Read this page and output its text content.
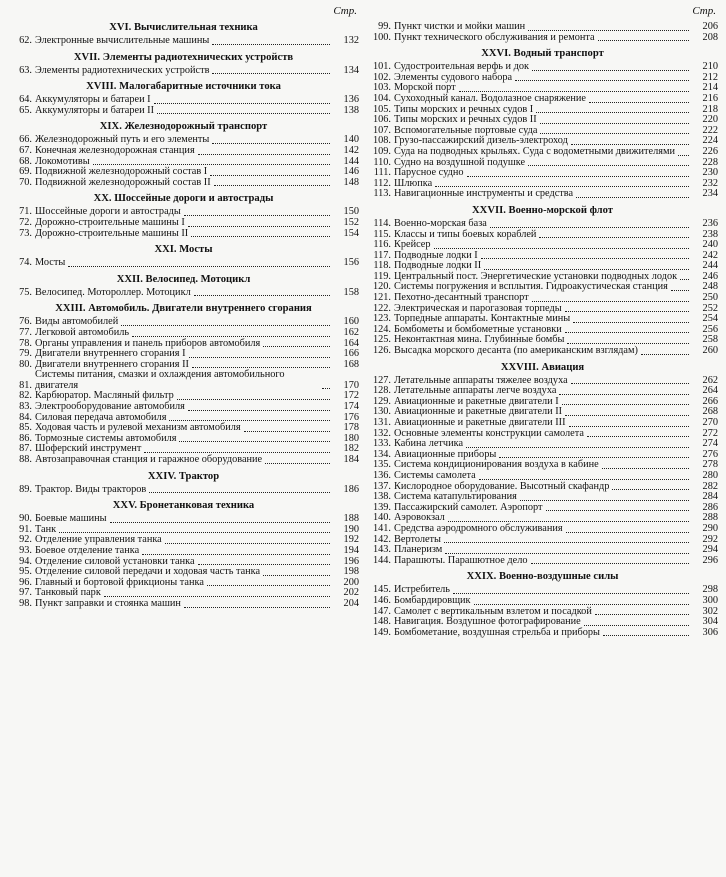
Стр.
XVI. Вычислительная техника
62. Электронные вычислительные машины	132
XVII. Элементы радиотехнических устройств
63. Элементы радиотехнических устройств	134
XVIII. Малогабаритные источники тока
64. Аккумуляторы и батареи I	136
65. Аккумуляторы и батареи II	138
XIX. Железнодорожный транспорт
66. Железнодорожный путь и его элементы	140
67. Конечная железнодорожная станция	142
68. Локомотивы	144
69. Подвижной железнодорожный состав I	146
70. Подвижной железнодорожный состав II	148
XX. Шоссейные дороги и автострады
71. Шоссейные дороги и автострады	150
72. Дорожно-строительные машины I	152
73. Дорожно-строительные машины II	154
XXI. Мосты
74. Мосты	156
XXII. Велосипед. Мотоцикл
75. Велосипед. Мотороллер. Мотоцикл	158
XXIII. Автомобиль. Двигатели внутреннего сгорания
76. Виды автомобилей	160
77. Легковой автомобиль	162
78. Органы управления и панель приборов автомобиля	164
79. Двигатели внутреннего сгорания I	166
80. Двигатели внутреннего сгорания II	168
81.
Системы питания, смазки и охлаждения автомобильного двигателя	170
82. Карбюратор. Масляный фильтр	172
83. Электрооборудование автомобиля	174
84. Силовая передача автомобиля	176
85. Ходовая часть и рулевой механизм автомобиля	178
86. Тормозные системы автомобиля	180
87. Шоферский инструмент	182
88. Автозаправочная станция и гаражное оборудование	184
XXIV. Трактор
89. Трактор. Виды тракторов	186
XXV. Бронетанковая техника
90. Боевые машины	188
91. Танк	190
92. Отделение управления танка	192
93. Боевое отделение танка	194
94. Отделение силовой установки танка	196
95. Отделение силовой передачи и ходовая часть танка	198
96. Главный и бортовой фрикционы танка	200
97. Танковый парк	202
98. Пункт заправки и стоянка машин	204
Стр.
99. Пункт чистки и мойки машин	206
100. Пункт технического обслуживания и ремонта	208
XXVI. Водный транспорт
101. Судостроительная верфь и док	210
102. Элементы судового набора	212
103. Морской порт	214
104. Сухоходный канал. Водолазное снаряжение	216
105. Типы морских и речных судов I	218
106. Типы морских и речных судов II	220
107. Вспомогательные портовые суда	222
108. Грузо-пассажирский дизель-электроход	224
109. Суда на подводных крыльях. Суда с водометными движителями	226
110. Судно на воздушной подушке	228
111. Парусное судно	230
112. Шлюпка	232
113. Навигационные инструменты и средства	234
XXVII. Военно-морской флот
114. Военно-морская база	236
115. Классы и типы боевых кораблей	238
116. Крейсер	240
117. Подводные лодки I	242
118. Подводные лодки II	244
119. Центральный пост. Энергетические установки подводных лодок	246
120. Системы погружения и всплытия. Гидроакустическая станция	248
121. Пехотно-десантный транспорт	250
122. Электрическая и парогазовая торпеды	252
123. Торпедные аппараты. Контактные мины	254
124. Бомбометы и бомбометные установки	256
125. Неконтактная мина. Глубинные бомбы	258
126. Высадка морского десанта (по американским взглядам)	260
XXVIII. Авиация
127. Летательные аппараты тяжелее воздуха	262
128. Летательные аппараты легче воздуха	264
129. Авиационные и ракетные двигатели I	266
130. Авиационные и ракетные двигатели II	268
131. Авиационные и ракетные двигатели III	270
132. Основные элементы конструкции самолета	272
133. Кабина летчика	274
134. Авиационные приборы	276
135. Система кондиционирования воздуха в кабине	278
136. Системы самолета	280
137. Кислородное оборудование. Высотный скафандр	282
138. Система катапультирования	284
139. Пассажирский самолет. Аэропорт	286
140. Аэровокзал	288
141. Средства аэродромного обслуживания	290
142. Вертолеты	292
143. Планеризм	294
144. Парашюты. Парашютное дело	296
XXIX. Военно-воздушные силы
145. Истребитель	298
146. Бомбардировщик	300
147. Самолет с вертикальным взлетом и посадкой	302
148. Навигация. Воздушное фотографирование	304
149. Бомбометание, воздушная стрельба и приборы	306
